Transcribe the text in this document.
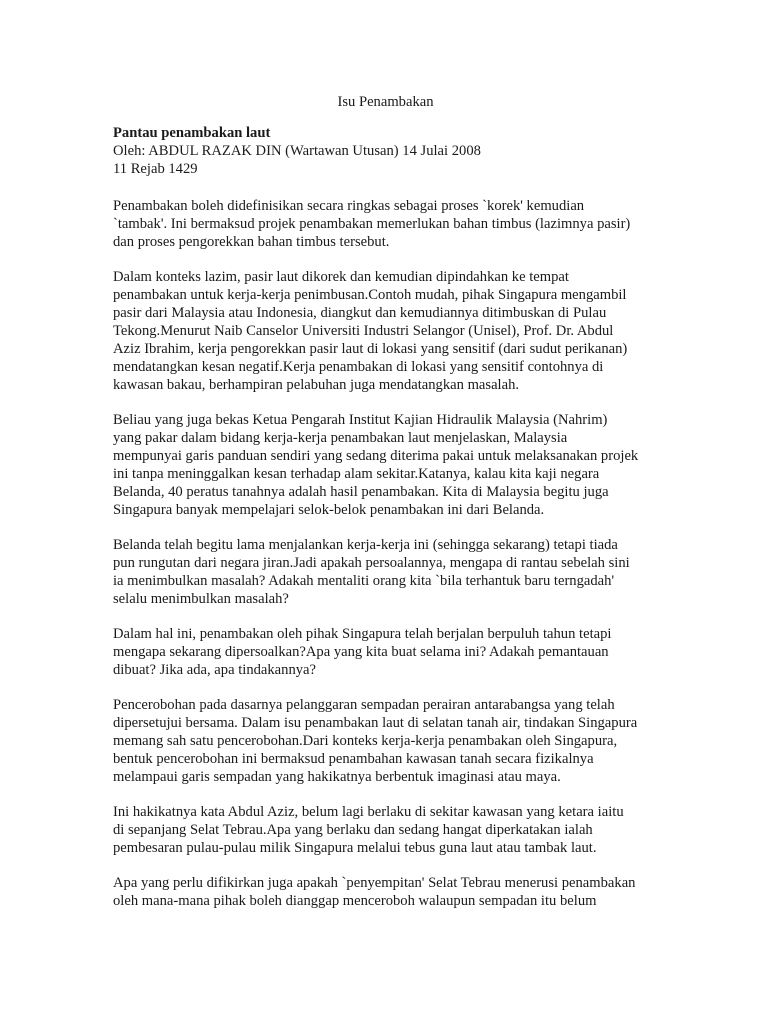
Isu Penambakan
Pantau penambakan laut
Oleh: ABDUL RAZAK DIN (Wartawan Utusan) 14 Julai 2008
11 Rejab 1429
Penambakan boleh didefinisikan secara ringkas sebagai proses `korek' kemudian
`tambak'. Ini bermaksud projek penambakan memerlukan bahan timbus (lazimnya pasir)
dan proses pengorekkan bahan timbus tersebut.
Dalam konteks lazim, pasir laut dikorek dan kemudian dipindahkan ke tempat
penambakan untuk kerja-kerja penimbusan.Contoh mudah, pihak Singapura mengambil
pasir dari Malaysia atau Indonesia, diangkut dan kemudiannya ditimbuskan di Pulau
Tekong.Menurut Naib Canselor Universiti Industri Selangor (Unisel), Prof. Dr. Abdul
Aziz Ibrahim, kerja pengorekkan pasir laut di lokasi yang sensitif (dari sudut perikanan)
mendatangkan kesan negatif.Kerja penambakan di lokasi yang sensitif contohnya di
kawasan bakau, berhampiran pelabuhan juga mendatangkan masalah.
Beliau yang juga bekas Ketua Pengarah Institut Kajian Hidraulik Malaysia (Nahrim)
yang pakar dalam bidang kerja-kerja penambakan laut menjelaskan, Malaysia
mempunyai garis panduan sendiri yang sedang diterima pakai untuk melaksanakan projek
ini tanpa meninggalkan kesan terhadap alam sekitar.Katanya, kalau kita kaji negara
Belanda, 40 peratus tanahnya adalah hasil penambakan. Kita di Malaysia begitu juga
Singapura banyak mempelajari selok-belok penambakan ini dari Belanda.
Belanda telah begitu lama menjalankan kerja-kerja ini (sehingga sekarang) tetapi tiada
pun rungutan dari negara jiran.Jadi apakah persoalannya, mengapa di rantau sebelah sini
ia menimbulkan masalah? Adakah mentaliti orang kita `bila terhantuk baru terngadah'
selalu menimbulkan masalah?
Dalam hal ini, penambakan oleh pihak Singapura telah berjalan berpuluh tahun tetapi
mengapa sekarang dipersoalkan?Apa yang kita buat selama ini? Adakah pemantauan
dibuat? Jika ada, apa tindakannya?
Pencerobohan pada dasarnya pelanggaran sempadan perairan antarabangsa yang telah
dipersetujui bersama. Dalam isu penambakan laut di selatan tanah air, tindakan Singapura
memang sah satu pencerobohan.Dari konteks kerja-kerja penambakan oleh Singapura,
bentuk pencerobohan ini bermaksud penambahan kawasan tanah secara fizikalnya
melampaui garis sempadan yang hakikatnya berbentuk imaginasi atau maya.
Ini hakikatnya kata Abdul Aziz, belum lagi berlaku di sekitar kawasan yang ketara iaitu
di sepanjang Selat Tebrau.Apa yang berlaku dan sedang hangat diperkatakan ialah
pembesaran pulau-pulau milik Singapura melalui tebus guna laut atau tambak laut.
Apa yang perlu difikirkan juga apakah `penyempitan' Selat Tebrau menerusi penambakan
oleh mana-mana pihak boleh dianggap menceroboh walaupun sempadan itu belum
